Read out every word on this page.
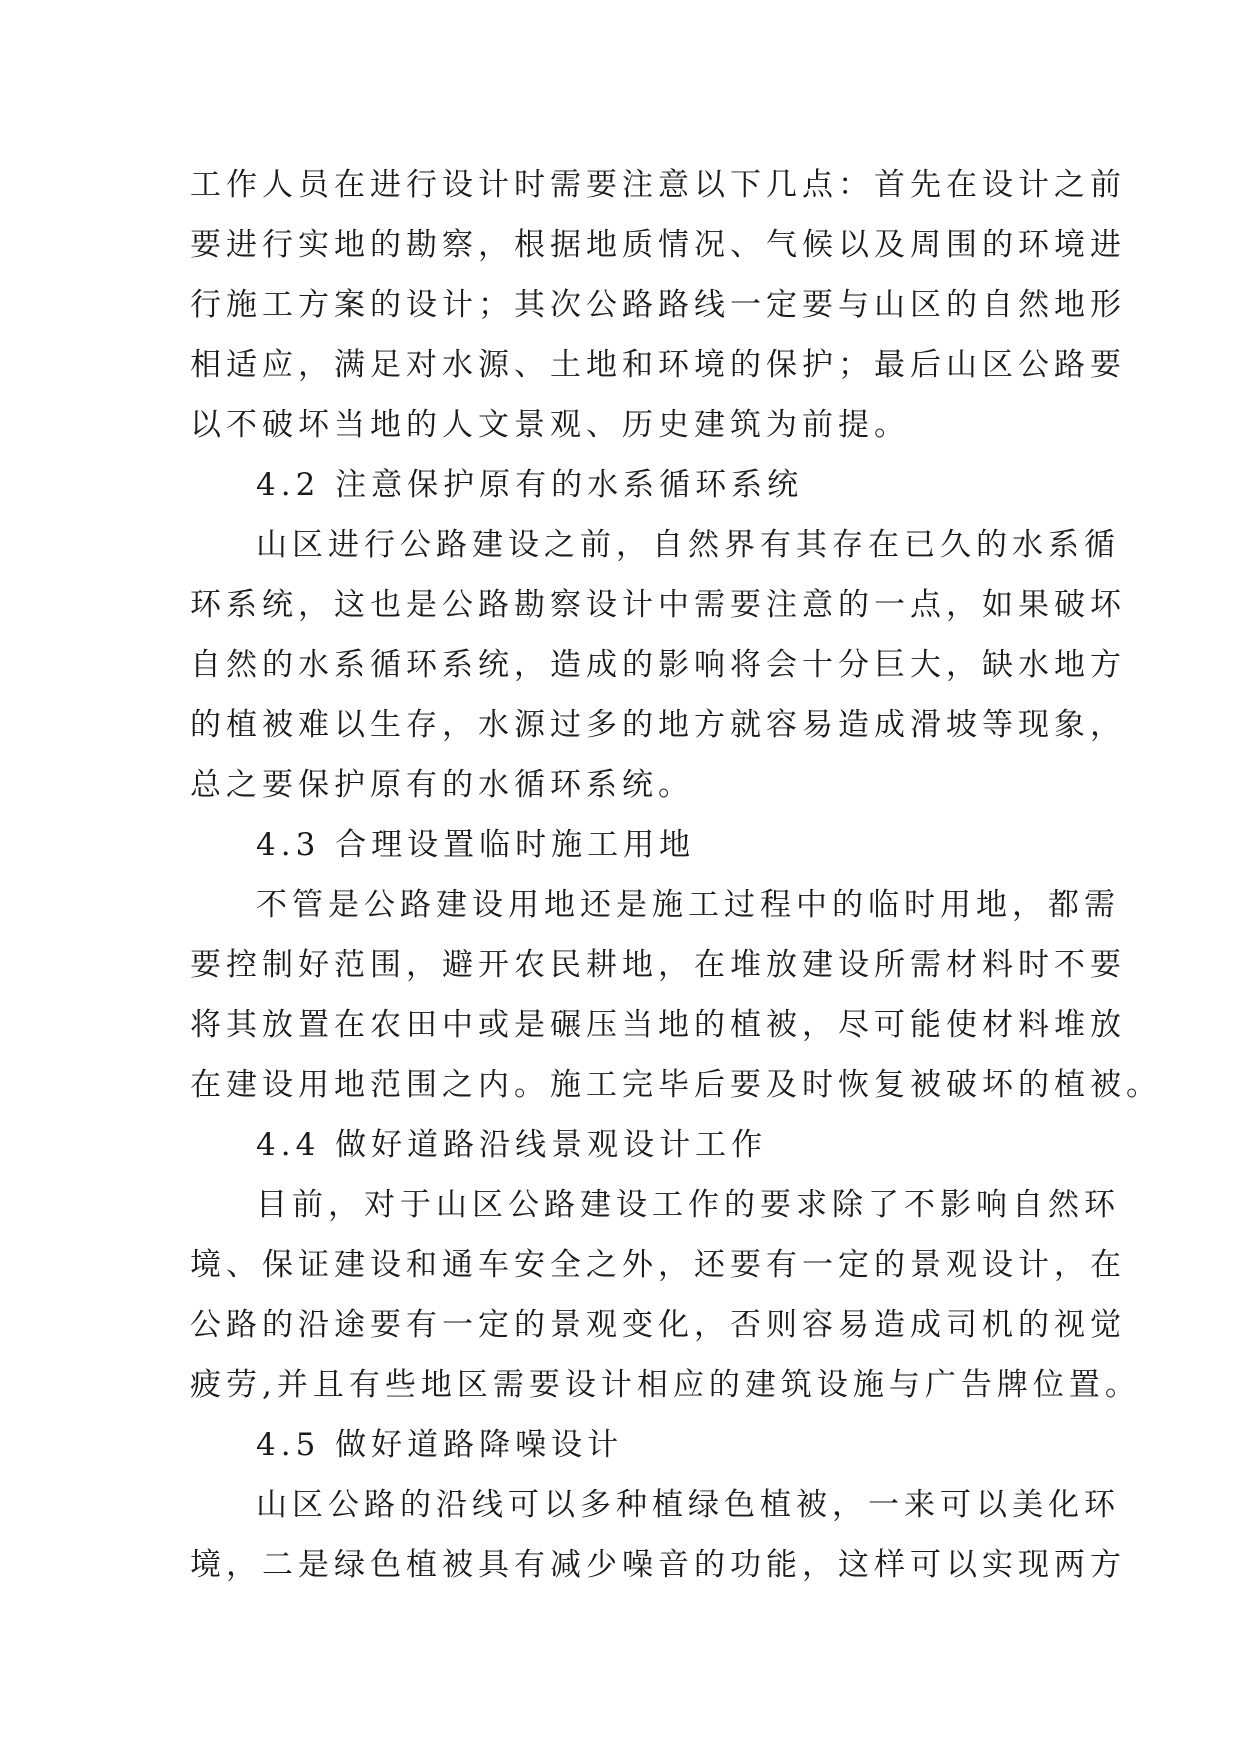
工作人员在进行设计时需要注意以下几点：首先在设计之前
要进行实地的勘察，根据地质情况、气候以及周围的环境进
行施工方案的设计；其次公路路线一定要与山区的自然地形
相适应，满足对水源、土地和环境的保护；最后山区公路要
以不破坏当地的人文景观、历史建筑为前提。
4.2 注意保护原有的水系循环系统
山区进行公路建设之前，自然界有其存在已久的水系循
环系统，这也是公路勘察设计中需要注意的一点，如果破坏
自然的水系循环系统，造成的影响将会十分巨大，缺水地方
的植被难以生存，水源过多的地方就容易造成滑坡等现象，
总之要保护原有的水循环系统。
4.3 合理设置临时施工用地
不管是公路建设用地还是施工过程中的临时用地，都需
要控制好范围，避开农民耕地，在堆放建设所需材料时不要
将其放置在农田中或是碾压当地的植被，尽可能使材料堆放
在建设用地范围之内。施工完毕后要及时恢复被破坏的植被。
4.4 做好道路沿线景观设计工作
目前，对于山区公路建设工作的要求除了不影响自然环
境、保证建设和通车安全之外，还要有一定的景观设计，在
公路的沿途要有一定的景观变化，否则容易造成司机的视觉
疲劳,并且有些地区需要设计相应的建筑设施与广告牌位置。
4.5 做好道路降噪设计
山区公路的沿线可以多种植绿色植被，一来可以美化环
境，二是绿色植被具有减少噪音的功能，这样可以实现两方
